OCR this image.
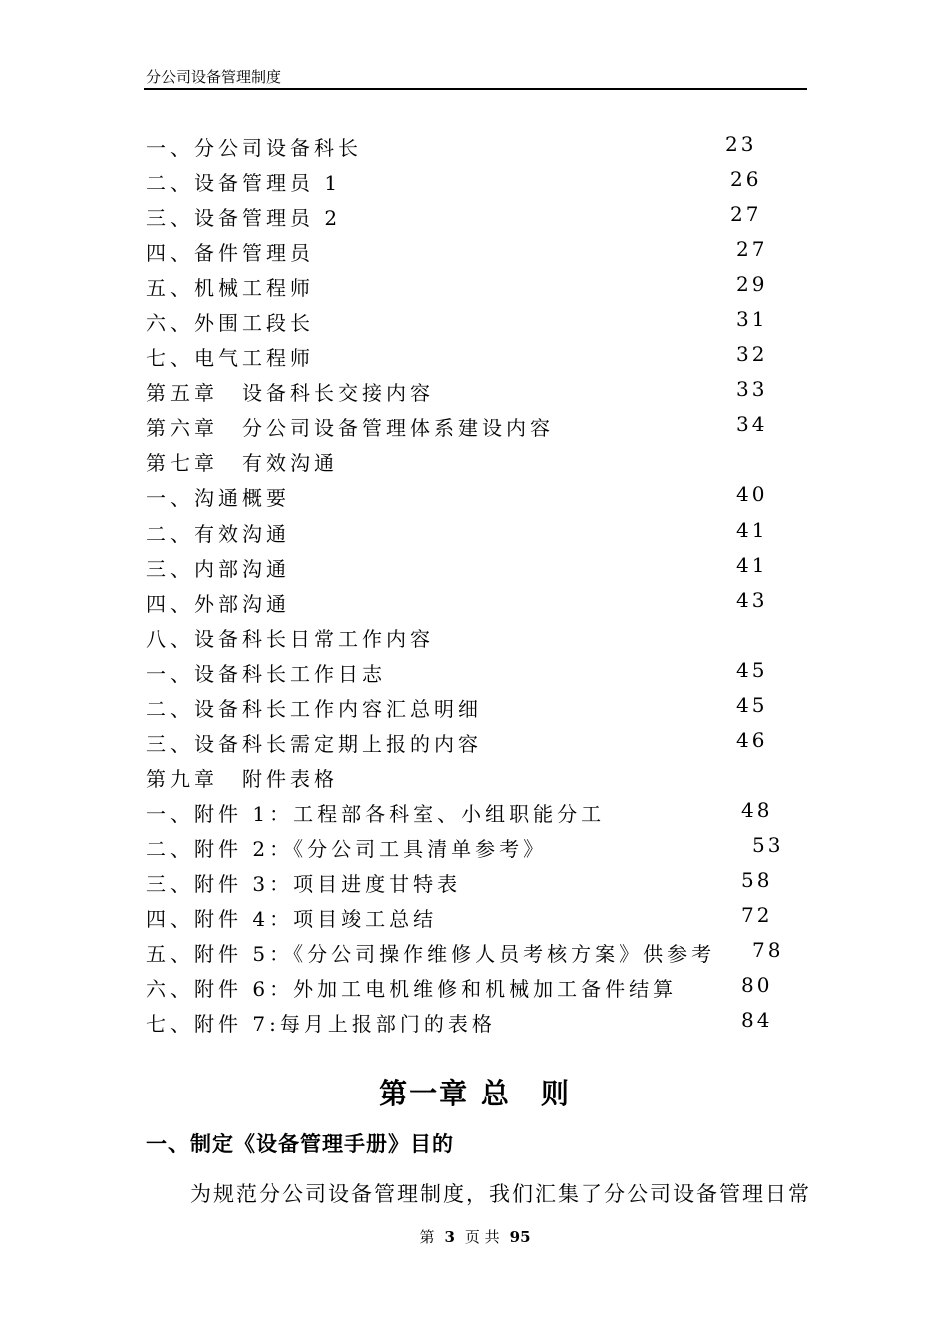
分公司设备管理制度
一、分公司设备科长	23
二、设备管理员 1	26
三、设备管理员 2	27
四、备件管理员	27
五、机械工程师	29
六、外围工段长	31
七、电气工程师	32
第五章　设备科长交接内容	33
第六章　分公司设备管理体系建设内容	34
第七章　有效沟通
一、沟通概要	40
二、有效沟通	41
三、内部沟通	41
四、外部沟通	43
八、设备科长日常工作内容
一、设备科长工作日志	45
二、设备科长工作内容汇总明细	45
三、设备科长需定期上报的内容	46
第九章　附件表格
一、附件 1：工程部各科室、小组职能分工	48
二、附件 2：《分公司工具清单参考》	53
三、附件 3：项目进度甘特表	58
四、附件 4：项目竣工总结	72
五、附件 5：《分公司操作维修人员考核方案》供参考 78
六、附件 6：外加工电机维修和机械加工备件结算	80
七、附件 7:每月上报部门的表格	84
第一章 总　则
一、制定《设备管理手册》目的
为规范分公司设备管理制度，我们汇集了分公司设备管理日常
第 3 页 共 95
